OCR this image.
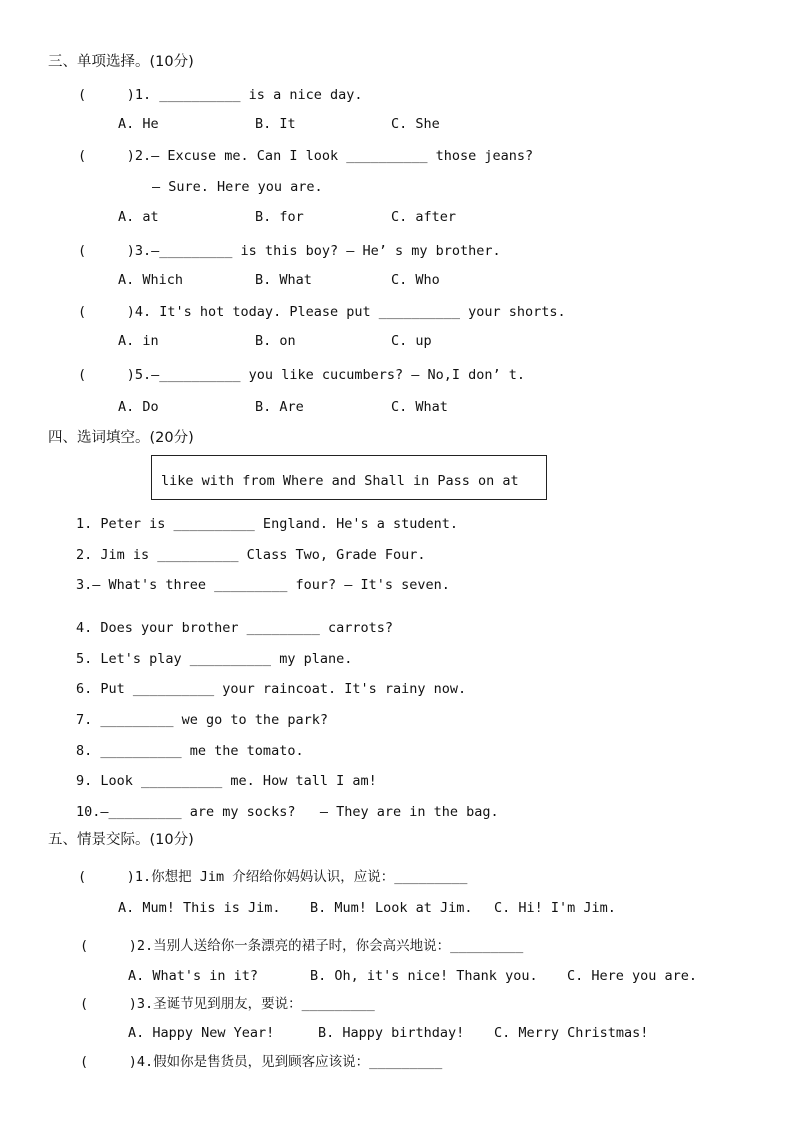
三、单项选择。(10分)
(     )1. __________ is a nice day.
A. He	B. It	C. She
(     )2.— Excuse me. Can I look __________ those jeans?
— Sure. Here you are.
A. at	B. for	C. after
(     )3.—_________ is this boy? — He’ s my brother.
A. Which	B. What	C. Who
(     )4. It's hot today. Please put __________ your shorts.
A. in	B. on	C. up
(     )5.—__________ you like cucumbers? — No,I don’ t.
A. Do	B. Are	C. What
四、选词填空。(20分)
like with from Where and Shall in Pass on at
1. Peter is __________ England. He's a student.
2. Jim is __________ Class Two, Grade Four.
3.— What's three _________ four? — It's seven.
4. Does your brother _________ carrots?
5. Let's play __________ my plane.
6. Put __________ your raincoat. It's rainy now.
7. _________ we go to the park?
8. __________ me the tomato.
9. Look __________ me. How tall I am!
10.—_________ are my socks?   — They are in the bag.
五、情景交际。(10分)
(     )1.你想把 Jim 介绍给你妈妈认识，应说：_________
A. Mum! This is Jim. B. Mum! Look at Jim. C. Hi! I'm Jim.
(     )2.当别人送给你一条漂亮的裙子时，你会高兴地说：_________
A. What's in it?	B. Oh, it's nice! Thank you. C. Here you are.
(     )3.圣诞节见到朋友，要说：_________
A. Happy New Year!	B. Happy birthday! C. Merry Christmas!
(     )4.假如你是售货员，见到顾客应该说：_________
